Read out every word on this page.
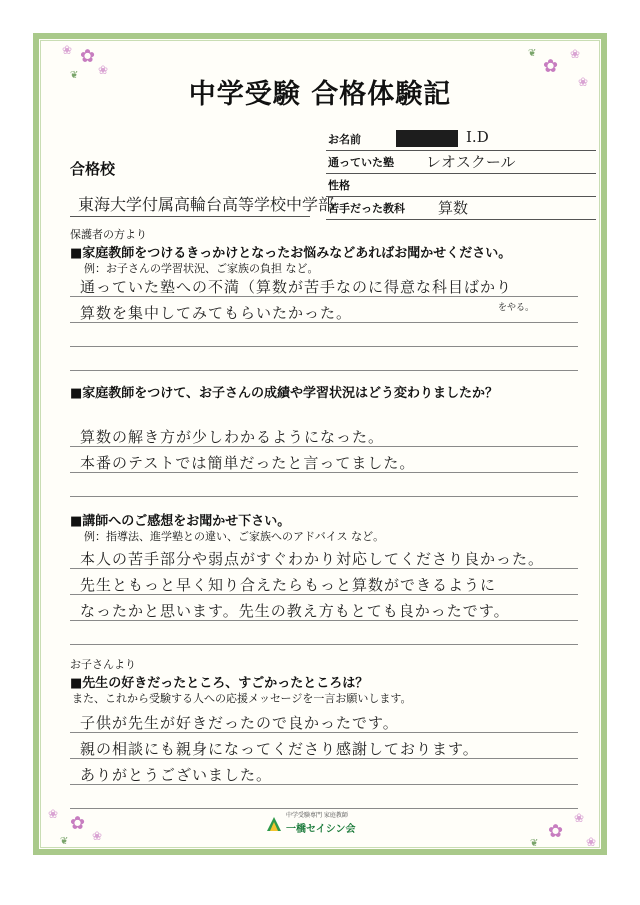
✿
❀
❀
❦	✿
❀
❀
❦
✿
❀
❀
❦	✿
❀
❀
❦
中学受験 合格体験記
お名前	I.D
通っていた塾 レオスクール
性格
苦手だった教科 算数
合格校
東海大学付属高輪台高等学校中学部
保護者の方より
■家庭教師をつけるきっかけとなったお悩みなどあればお聞かせください。
例：お子さんの学習状況、ご家族の負担 など。
通っていた塾への不満（算数が苦手なのに得意な科目ばかり
をやる。
算数を集中してみてもらいたかった。
■家庭教師をつけて、お子さんの成績や学習状況はどう変わりましたか？
算数の解き方が少しわかるようになった。
本番のテストでは簡単だったと言ってました。
■講師へのご感想をお聞かせ下さい。
例：指導法、進学塾との違い、ご家族へのアドバイス など。
本人の苦手部分や弱点がすぐわかり対応してくださり良かった。
先生ともっと早く知り合えたらもっと算数ができるように
なったかと思います。先生の教え方もとても良かったです。
お子さんより
■先生の好きだったところ、すごかったところは？
また、これから受験する人への応援メッセージを一言お願いします。
子供が先生が好きだったので良かったです。
親の相談にも親身になってくださり感謝しております。
ありがとうございました。
中学受験専門 家庭教師
一橋セイシン会
